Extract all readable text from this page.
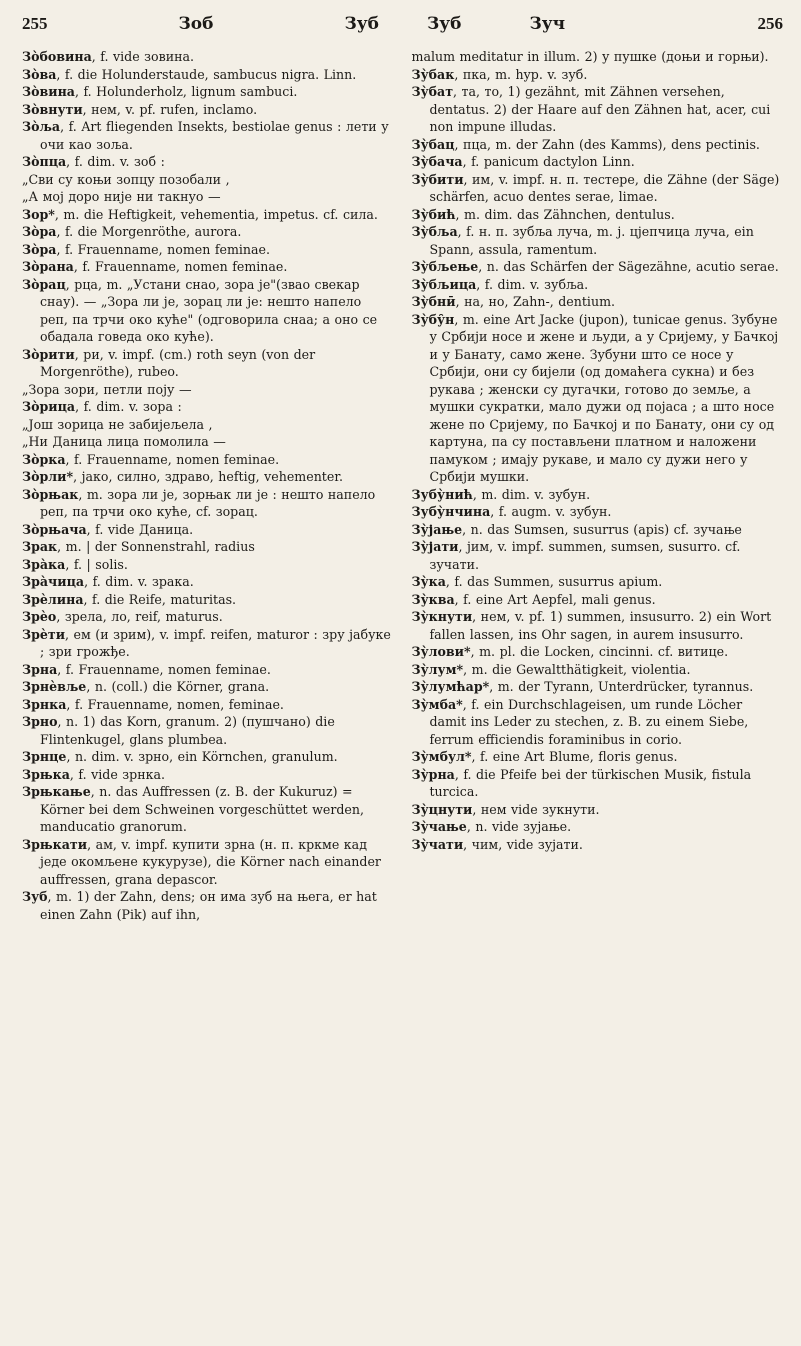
255	Зоб	Зуб	Зуб	Зуч	256

Зо̀бовина, f. vide зовина.

Зо̀ва, f. die Holunderstaude, sambucus nigra. Linn.

Зо̀вина, f. Holunderholz, lignum sambuci.

Зо̀внути, нем, v. pf. rufen, inclamo.

Зо̀ља, f. Art fliegenden Insekts, bestiolae genus : лети у очи као зоља.

Зо̀пца, f. dim. v. зоб :

„Сви су коњи зопцу позобали ,

„А мој доро није ни такнуо —

Зор*, m. die Heftigkeit, vehementia, impetus. cf. сила.

Зо̀ра, f. die Morgenröthe, aurora.

Зо̀ра, f. Frauenname, nomen feminae.

Зо̀рана, f. Frauenname, nomen feminae.

Зо̀рац, рца, m. „Устани снао, зора је"(звао свекар снау). — „Зора ли је, зорац ли је: нешто напело реп, па трчи око куће" (одговорила снаа; а оно се обадала говеда око куће).

Зо̀рити, ри, v. impf. (cm.) roth seyn (von der Morgenröthe), rubeo.

„Зора зори, петли поју —

Зо̀рица, f. dim. v. зора :

„Још зорица не забијељела ,

„Ни Даница лица помолила —

Зо̀рка, f. Frauenname, nomen feminae.

Зо̀рли*, јако, силно, здраво, heftig, vehementer.

Зо̀рњак, m. зора ли је, зорњак ли је : нешто напело реп, па трчи око куће, cf. зорац.

Зо̀рњача, f. vide Даница.

Зрак, m. | der Sonnenstrahl, radius

Зра̀ка, f. | solis.

Зра̀чица, f. dim. v. зрака.

Зрѐлина, f. die Reife, maturitas.

Зрѐо, зрела, ло, reif, maturus.

Зрѐти, ем (и зрим), v. impf. reifen, maturor : зру јабуке ; зри грожђе.

Зрна, f. Frauenname, nomen feminae.

Зрнѐвље, n. (coll.) die Körner, grana.

Зрнка, f. Frauenname, nomen, feminae.

Зрно, n. 1) das Korn, granum. 2) (пушчано) die Flintenkugel, glans plumbea.

Зрнце, n. dim. v. зрно, ein Körnchen, granulum.

Зрњка, f. vide зрнка.

Зрњкање, n. das Auffressen (z. B. der Kukuruz) = Körner bei dem Schweinen vorgeschüttet werden, manducatio granorum.

Зрњкати, ам, v. impf. купити зрна (н. п. кркме кад једе окомљене кукурузе), die Körner nach einander auffressen, grana depascor.

Зуб, m. 1) der Zahn, dens; он има зуб на њега, er hat einen Zahn (Pik) auf ihn,

malum meditatur in illum. 2) у пушке (доњи и горњи).

Зу̀бак, пка, m. hyp. v. зуб.

Зу̀бат, та, то, 1) gezähnt, mit Zähnen versehen, dentatus. 2) der Haare auf den Zähnen hat, acer, cui non impune illudas.

Зу̀бац, пца, m. der Zahn (des Kamms), dens pectinis.

Зу̀бача, f. panicum dactylon Linn.

Зу̀бити, им, v. impf. н. п. тестере, die Zähne (der Säge) schärfen, acuo dentes serae, limae.

Зу̀бић, m. dim. das Zähnchen, dentulus.

Зу̀бља, f. н. п. зубља луча, m. j. цјепчица луча, ein Spann, assula, ramentum.

Зу̀бљење, n. das Schärfen der Sägezähne, acutio serae.

Зу̀бљица, f. dim. v. зубља.

Зу̀бнӣ, на, но, Zahn-, dentium.

Зу̀бу̑н, m. eine Art Jacke (jupon), tunicae genus. Зубуне у Србији носе и жене и људи, а у Сријему, у Бачкој и у Банату, само жене. Зубуни што се носе у Србији, они су бијели (од домаћега сукна) и без рукава ; женски су дугачки, готово до земље, а мушки сукратки, мало дужи од појаса ; а што носе жене по Сријему, по Бачкој и по Банату, они су од картуна, па су постављени платном и наложени памуком ; имају рукаве, и мало су дужи него у Србији мушки.

Зубу̀нић, m. dim. v. зубун.

Зубу̀нчина, f. augm. v. зубун.

Зу̀јање, n. das Sumsen, susurrus (apis) cf. зучање

Зу̀јати, јим, v. impf. summen, sumsen, susurro. cf. зучати.

Зу̀ка, f. das Summen, susurrus apium.

Зу̀ква, f. eine Art Aepfel, mali genus.

Зу̀кнути, нем, v. pf. 1) summen, insusurro. 2) ein Wort fallen lassen, ins Ohr sagen, in aurem insusurro.

Зу̀лови*, m. pl. die Locken, cincinni. cf. витице.

Зу̀лум*, m. die Gewaltthätigkeit, violentia.

Зу̀лумћар*, m. der Tyrann, Unterdrücker, tyrannus.

Зу̀мба*, f. ein Durchschlageisen, um runde Löcher damit ins Leder zu stechen, z. B. zu einem Siebe, ferrum efficiendis foraminibus in corio.

Зу̀мбул*, f. eine Art Blume, floris genus.

Зу̀рна, f. die Pfeife bei der türkischen Musik, fistula turcica.

Зу̀цнути, нем vide зукнути.

Зу̀чање, n. vide зујање.

Зу̀чати, чим, vide зујати.
